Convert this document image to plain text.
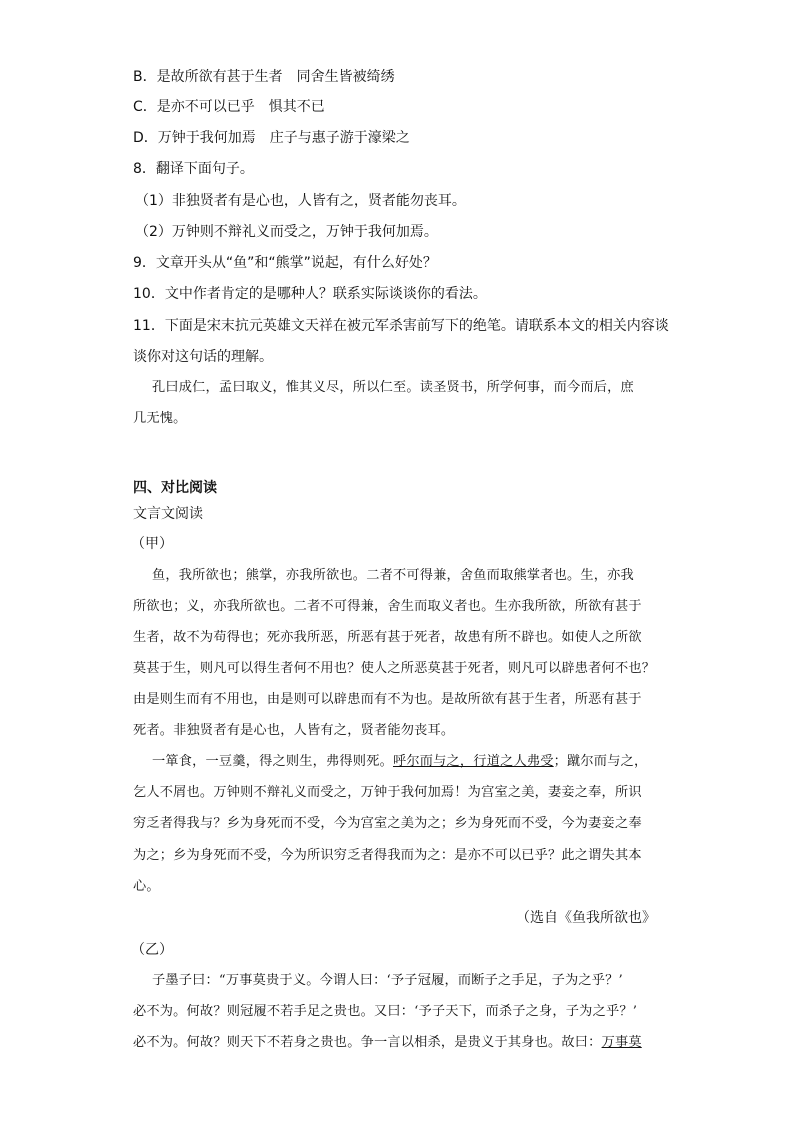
B．是故所欲有甚于生者　同舍生皆被绮绣
C．是亦不可以已乎　惧其不已
D．万钟于我何加焉　庄子与惠子游于濠梁之
8．翻译下面句子。
（1）非独贤者有是心也，人皆有之，贤者能勿丧耳。
（2）万钟则不辩礼义而受之，万钟于我何加焉。
9．文章开头从“鱼”和“熊掌”说起，有什么好处？
10．文中作者肯定的是哪种人？联系实际谈谈你的看法。
11．下面是宋末抗元英雄文天祥在被元军杀害前写下的绝笔。请联系本文的相关内容谈
谈你对这句话的理解。
孔曰成仁，孟曰取义，惟其义尽，所以仁至。读圣贤书，所学何事，而今而后，庶
几无愧。
四、对比阅读
文言文阅读
（甲）
鱼，我所欲也；熊掌，亦我所欲也。二者不可得兼，舍鱼而取熊掌者也。生，亦我
所欲也；义，亦我所欲也。二者不可得兼，舍生而取义者也。生亦我所欲，所欲有甚于
生者，故不为苟得也；死亦我所恶，所恶有甚于死者，故患有所不辟也。如使人之所欲
莫甚于生，则凡可以得生者何不用也？使人之所恶莫甚于死者，则凡可以辟患者何不也？
由是则生而有不用也，由是则可以辟患而有不为也。是故所欲有甚于生者，所恶有甚于
死者。非独贤者有是心也，人皆有之，贤者能勿丧耳。
一箪食，一豆羹，得之则生，弗得则死。呼尔而与之，行道之人弗受；蹴尔而与之，
乞人不屑也。万钟则不辩礼义而受之，万钟于我何加焉！为宫室之美，妻妾之奉，所识
穷乏者得我与？乡为身死而不受，今为宫室之美为之；乡为身死而不受，今为妻妾之奉
为之；乡为身死而不受，今为所识穷乏者得我而为之：是亦不可以已乎？此之谓失其本
心。
（选自《鱼我所欲也》
（乙）
子墨子曰：“万事莫贵于义。今谓人曰：‘予子冠履，而断子之手足，子为之乎？’
必不为。何故？则冠履不若手足之贵也。又曰：‘予子天下，而杀子之身，子为之乎？’
必不为。何故？则天下不若身之贵也。争一言以相杀，是贵义于其身也。故曰：万事莫
